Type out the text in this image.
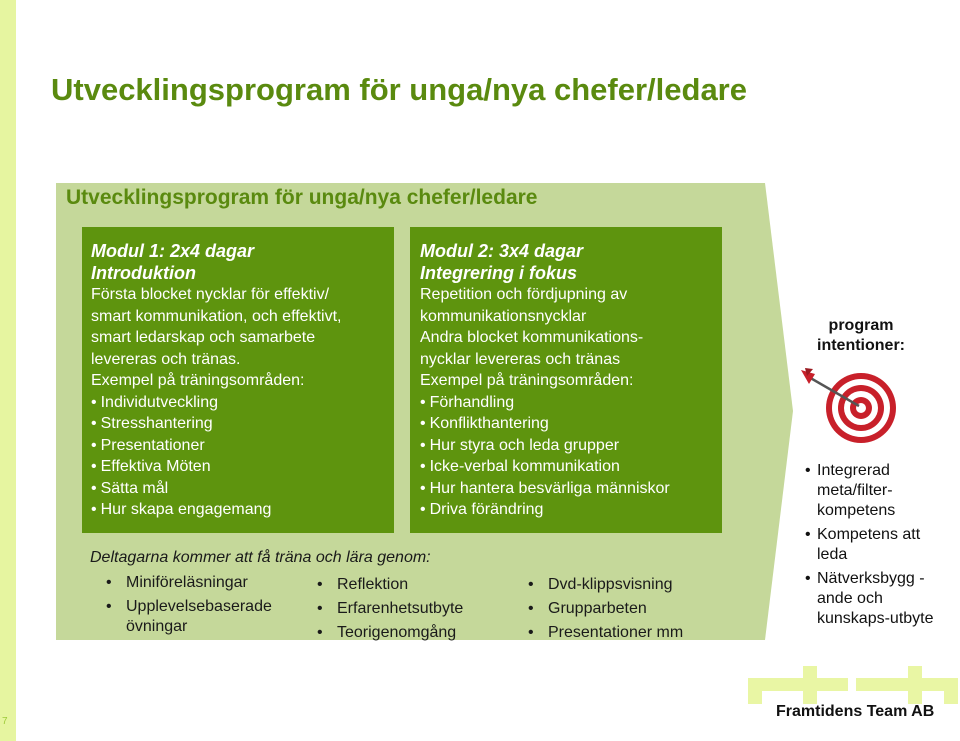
7
Utvecklingsprogram för unga/nya chefer/ledare
Utvecklingsprogram för unga/nya chefer/ledare
Modul 1: 2x4 dagar
Introduktion
Första blocket nycklar för effektiv/
smart kommunikation, och effektivt,
smart ledarskap och samarbete
levereras och tränas.
Exempel på träningsområden:
• Individutveckling
• Stresshantering
• Presentationer
• Effektiva Möten
• Sätta mål
• Hur skapa engagemang
Modul 2: 3x4 dagar
Integrering i fokus
Repetition och fördjupning av
kommunikationsnycklar
Andra blocket kommunikations-
nycklar levereras och tränas
Exempel på träningsområden:
• Förhandling
• Konflikthantering
• Hur styra och leda grupper
• Icke-verbal kommunikation
• Hur hantera besvärliga människor
• Driva förändring
Deltagarna kommer att få träna och lära genom:
• Miniföreläsningar
• Upplevelsebaserade övningar
• Reflektion
• Erfarenhetsutbyte
• Teorigenomgång
• Dvd-klippsvisning
• Grupparbeten
• Presentationer mm
program intentioner:
• Integrerad meta/filter-kompetens
• Kompetens att leda
• Nätverksbygg -ande och kunskaps-utbyte
Framtidens Team AB
